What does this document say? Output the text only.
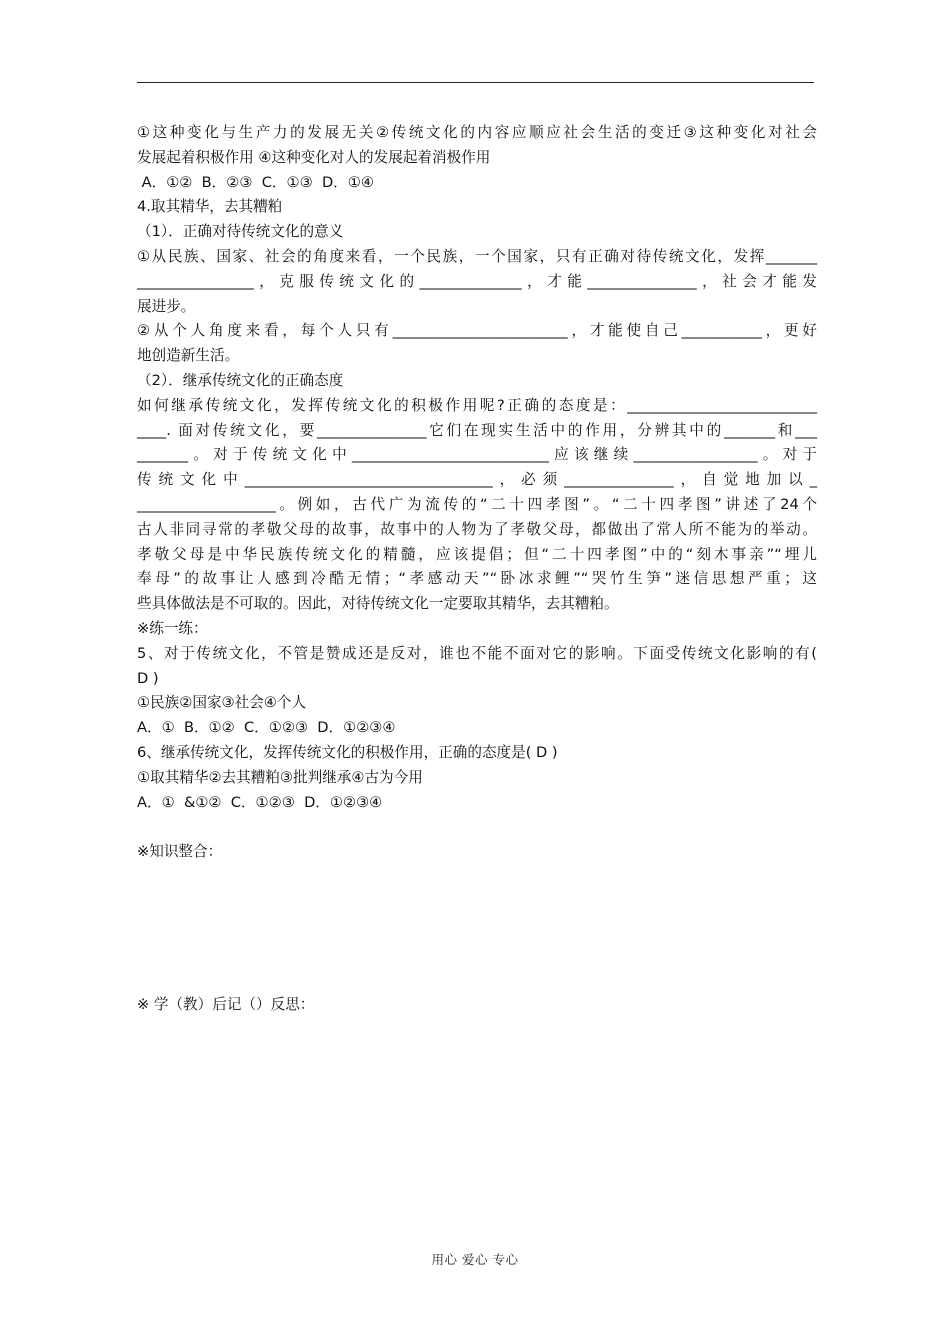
①这种变化与生产力的发展无关②传统文化的内容应顺应社会生活的变迁③这种变化对社会
发展起着积极作用 ④这种变化对人的发展起着消极作用
A．①②  B．②③  C．①③  D．①④
4.取其精华，去其糟粕
（1）．正确对待传统文化的意义
①从民族、国家、社会的角度来看，一个民族，一个国家，只有正确对待传统文化，发挥_______
________________，克服传统文化的______________，才能_______________，社会才能发
展进步。
②从个人角度来看，每个人只有________________________，才能使自己___________，更好
地创造新生活。
（2）．继承传统文化的正确态度
如何继承传统文化，发挥传统文化的积极作用呢?正确的态度是：__________________________
____. 面对传统文化，要_______________它们在现实生活中的作用，分辨其中的_______和___
_______。对于传统文化中___________________________应该继续_________________。对于
传统文化中__________________________________，必须_______________，自觉地加以_
___________________。例如，古代广为流传的“二十四孝图”。“二十四孝图”讲述了24个
古人非同寻常的孝敬父母的故事，故事中的人物为了孝敬父母，都做出了常人所不能为的举动。
孝敬父母是中华民族传统文化的精髓，应该提倡；但“二十四孝图”中的“刻木事亲”“埋儿
奉母”的故事让人感到冷酷无情；“孝感动天”“卧冰求鲤”“哭竹生笋”迷信思想严重；这
些具体做法是不可取的。因此，对待传统文化一定要取其精华，去其糟粕。
※练一练：
5、对于传统文化，不管是赞成还是反对，谁也不能不面对它的影响。下面受传统文化影响的有(
D )
①民族②国家③社会④个人
A．①  B．①②  C．①②③  D．①②③④
6、继承传统文化，发挥传统文化的积极作用，正确的态度是( D )
①取其精华②去其糟粕③批判继承④古为今用
A．①  &①②  C．①②③  D．①②③④
※知识整合：
※ 学（教）后记（）反思：
用心 爱心 专心
